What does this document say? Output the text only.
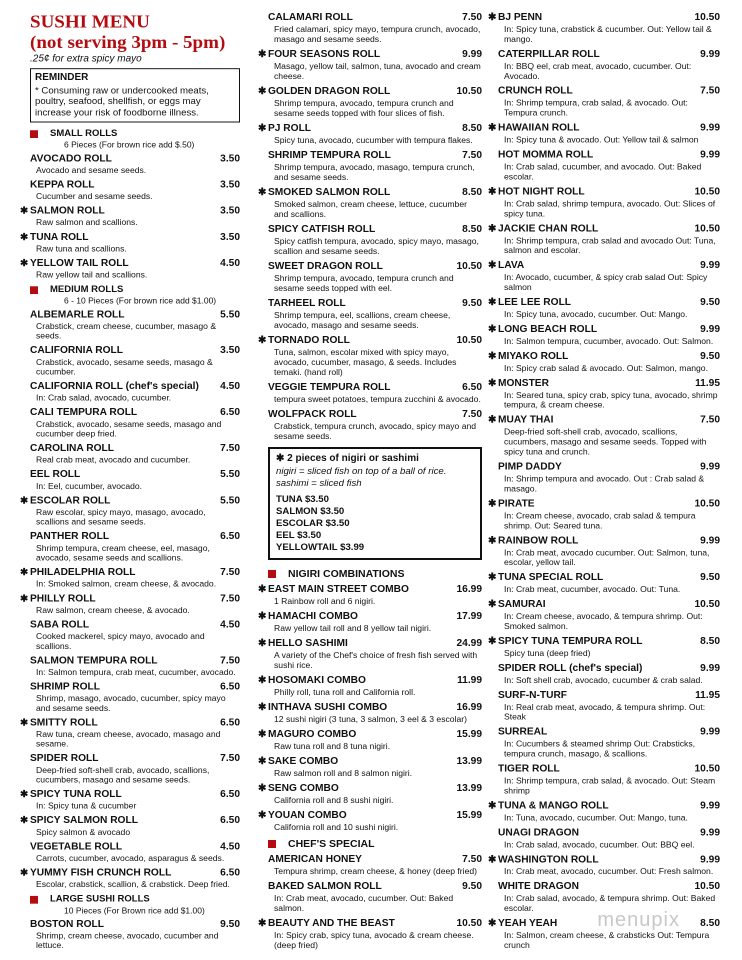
SUSHI MENU
(not serving 3pm - 5pm)
.25¢ for extra spicy mayo
REMINDER
* Consuming raw or undercooked meats, poultry, seafood, shellfish, or eggs may increase your risk of foodborne illness.
SMALL ROLLS
6 Pieces (For brown rice add $.50)
AVOCADO ROLL	3.50
Avocado and sesame seeds.
KEPPA ROLL	3.50
Cucumber and sesame seeds.
✱ SALMON ROLL	3.50
Raw salmon and scallions.
✱ TUNA ROLL	3.50
Raw tuna and scallions.
✱ YELLOW TAIL ROLL	4.50
Raw yellow tail and scallions.
MEDIUM ROLLS
6 - 10 Pieces (For brown rice add $1.00)
ALBEMARLE ROLL	5.50
Crabstick, cream cheese, cucumber, masago & seeds.
CALIFORNIA ROLL	3.50
Crabstick, avocado, sesame seeds, masago & cucumber.
CALIFORNIA ROLL (chef's special) 4.50
In: Crab salad, avocado, cucumber.
CALI TEMPURA ROLL	6.50
Crabstick, avocado, sesame seeds, masago and cucumber deep fried.
CAROLINA ROLL	7.50
Real crab meat, avocado and cucumber.
EEL ROLL	5.50
In: Eel, cucumber, avocado.
✱ ESCOLAR ROLL	5.50
Raw escolar, spicy mayo, masago, avocado, scallions and sesame seeds.
PANTHER ROLL	6.50
Shrimp tempura, cream cheese, eel, masago, avocado, sesame seeds and scallions.
✱ PHILADELPHIA ROLL	7.50
In: Smoked salmon, cream cheese, & avocado.
✱ PHILLY ROLL	7.50
Raw salmon, cream cheese, & avocado.
SABA ROLL	4.50
Cooked mackerel, spicy mayo, avocado and scallions.
SALMON TEMPURA ROLL	7.50
In: Salmon tempura, crab meat, cucumber, avocado.
SHRIMP ROLL	6.50
Shrimp, masago, avocado, cucumber, spicy mayo and sesame seeds.
✱ SMITTY ROLL	6.50
Raw tuna, cream cheese, avocado, masago and sesame.
SPIDER ROLL	7.50
Deep-fried soft-shell crab, avocado, scallions, cucumbers, masago and sesame seeds.
✱ SPICY TUNA ROLL	6.50
In: Spicy tuna & cucumber
✱ SPICY SALMON ROLL	6.50
Spicy salmon & avocado
VEGETABLE ROLL	4.50
Carrots, cucumber, avocado, asparagus & seeds.
✱ YUMMY FISH CRUNCH ROLL	6.50
Escolar, crabstick, scallion, & crabstick. Deep fried.
LARGE SUSHI ROLLS
10 Pieces (For Brown rice add $1.00)
BOSTON ROLL	9.50
Shrimp, cream cheese, avocado, cucumber and lettuce.
CALAMARI ROLL	7.50
Fried calamari, spicy mayo, tempura crunch, avocado, masago and sesame seeds.
✱ FOUR SEASONS ROLL	9.99
Masago, yellow tail, salmon, tuna, avocado and cream cheese.
✱ GOLDEN DRAGON ROLL	10.50
Shrimp tempura, avocado, tempura crunch and sesame seeds topped with four slices of fish.
✱ PJ ROLL	8.50
Spicy tuna, avocado, cucumber with tempura flakes.
SHRIMP TEMPURA ROLL	7.50
Shrimp tempura, avocado, masago, tempura crunch, and sesame seeds.
✱ SMOKED SALMON ROLL	8.50
Smoked salmon, cream cheese, lettuce, cucumber and scallions.
SPICY CATFISH ROLL	8.50
Spicy catfish tempura, avocado, spicy mayo, masago, scallion and sesame seeds.
SWEET DRAGON ROLL	10.50
Shrimp tempura, avocado, tempura crunch and sesame seeds topped with eel.
TARHEEL ROLL	9.50
Shrimp tempura, eel, scallions, cream cheese, avocado, masago and sesame seeds.
✱ TORNADO ROLL	10.50
Tuna, salmon, escolar mixed with spicy mayo, avocado, cucumber, masago, & seeds. Includes temaki. (hand roll)
VEGGIE TEMPURA ROLL	6.50
tempura sweet potatoes, tempura zucchini & avocado.
WOLFPACK ROLL	7.50
Crabstick, tempura crunch, avocado, spicy mayo and sesame seeds.
✱ 2 pieces of nigiri or sashimi
nigiri = sliced fish on top of a ball of rice.
sashimi = sliced fish
TUNA $3.50
SALMON $3.50
ESCOLAR $3.50
EEL $3.50
YELLOWTAIL $3.99
NIGIRI COMBINATIONS
✱ EAST MAIN STREET COMBO	16.99
1 Rainbow roll and 6 nigiri.
✱ HAMACHI COMBO	17.99
Raw yellow tail roll and 8 yellow tail nigiri.
✱ HELLO SASHIMI	24.99
A variety of the Chef's choice of fresh fish served with sushi rice.
✱ HOSOMAKI COMBO	11.99
Philly roll, tuna roll and California roll.
✱ INTHAVA SUSHI COMBO	16.99
12 sushi nigiri (3 tuna, 3 salmon, 3 eel & 3 escolar)
✱ MAGURO COMBO	15.99
Raw tuna roll and 8 tuna nigiri.
✱ SAKE COMBO	13.99
Raw salmon roll and 8 salmon nigiri.
✱ SENG COMBO	13.99
California roll and 8 sushi nigiri.
✱ YOUAN COMBO	15.99
California roll and 10 sushi nigiri.
CHEF'S SPECIAL
AMERICAN HONEY	7.50
Tempura shrimp, cream cheese, & honey (deep fried)
BAKED SALMON ROLL	9.50
In: Crab meat, avocado, cucumber. Out: Baked salmon.
✱ BEAUTY AND THE BEAST	10.50
In: Spicy crab, spicy tuna, avocado & cream cheese. (deep fried)
✱ BJ PENN	10.50
In: Spicy tuna, crabstick & cucumber. Out: Yellow tail & mango.
CATERPILLAR ROLL	9.99
In: BBQ eel, crab meat, avocado, cucumber. Out: Avocado.
CRUNCH ROLL	7.50
In: Shrimp tempura, crab salad, & avocado. Out: Tempura crunch.
✱ HAWAIIAN ROLL	9.99
In: Spicy tuna & avocado. Out: Yellow tail & salmon
HOT MOMMA ROLL	9.99
In: Crab salad, cucumber, and avocado. Out: Baked escolar.
✱ HOT NIGHT ROLL	10.50
In: Crab salad, shrimp tempura, avocado. Out: Slices of spicy tuna.
✱ JACKIE CHAN ROLL	10.50
In: Shrimp tempura, crab salad and avocado Out: Tuna, salmon and escolar.
✱ LAVA	9.99
In: Avocado, cucumber, & spicy crab salad Out: Spicy salmon
✱ LEE LEE ROLL	9.50
In: Spicy tuna, avocado, cucumber. Out: Mango.
✱ LONG BEACH ROLL	9.99
In: Salmon tempura, cucumber, avocado. Out: Salmon.
✱ MIYAKO ROLL	9.50
In: Spicy crab salad & avocado. Out: Salmon, mango.
✱ MONSTER	11.95
In: Seared tuna, spicy crab, spicy tuna, avocado, shrimp tempura, & cream cheese.
✱ MUAY THAI	7.50
Deep-fried soft-shell crab, avocado, scallions, cucumbers, masago and sesame seeds. Topped with spicy tuna and crunch.
PIMP DADDY	9.99
In: Shrimp tempura and avocado. Out : Crab salad & masago.
✱ PIRATE	10.50
In: Cream cheese, avocado, crab salad & tempura shrimp. Out: Seared tuna.
✱ RAINBOW ROLL	9.99
In: Crab meat, avocado cucumber. Out: Salmon, tuna, escolar, yellow tail.
✱ TUNA SPECIAL ROLL	9.50
In: Crab meat, cucumber, avocado. Out: Tuna.
✱ SAMURAI	10.50
In: Cream cheese, avocado, & tempura shrimp. Out: Smoked salmon.
✱ SPICY TUNA TEMPURA ROLL	8.50
Spicy tuna (deep fried)
SPIDER ROLL (chef's special)	9.99
In: Soft shell crab, avocado, cucumber & crab salad.
SURF-N-TURF	11.95
In: Real crab meat, avocado, & tempura shrimp. Out: Steak
SURREAL	9.99
In: Cucumbers & steamed shrimp Out: Crabsticks, tempura crunch, masago, & scallions.
TIGER ROLL	10.50
In: Shrimp tempura, crab salad, & avocado. Out: Steam shrimp
✱ TUNA & MANGO ROLL	9.99
In: Tuna, avocado, cucumber. Out: Mango, tuna.
UNAGI DRAGON	9.99
In: Crab salad, avocado, cucumber. Out: BBQ eel.
✱ WASHINGTON ROLL	9.99
In: Crab meat, avocado, cucumber. Out: Fresh salmon.
WHITE DRAGON	10.50
In: Crab salad, avocado, & tempura shrimp. Out: Baked escolar.
✱ YEAH YEAH	8.50
In: Salmon, cream cheese, & crabsticks Out: Tempura crunch
menupix
